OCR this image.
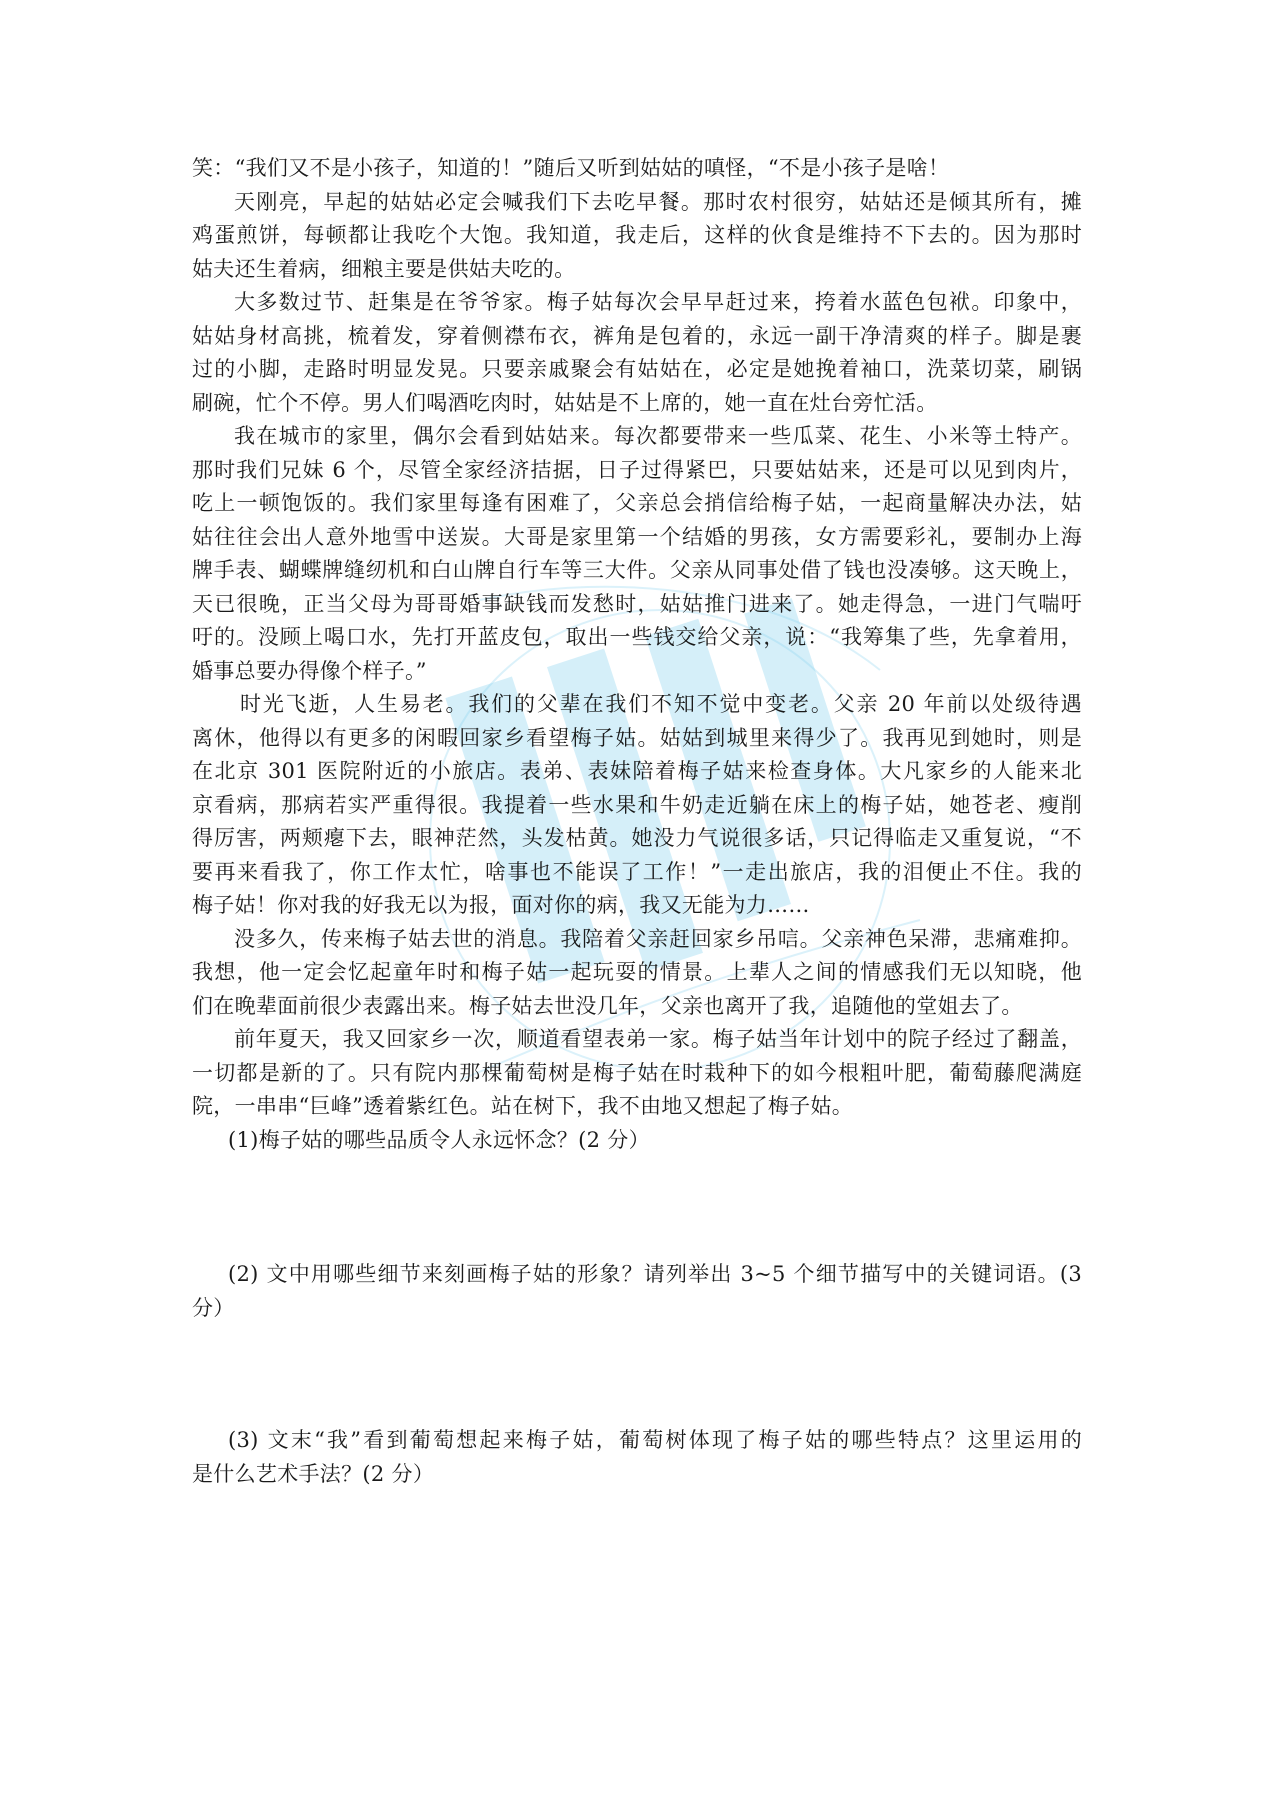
笑：“我们又不是小孩子，知道的！”随后又听到姑姑的嗔怪，“不是小孩子是啥！
天刚亮，早起的姑姑必定会喊我们下去吃早餐。那时农村很穷，姑姑还是倾其所有，摊
鸡蛋煎饼，每顿都让我吃个大饱。我知道，我走后，这样的伙食是维持不下去的。因为那时
姑夫还生着病，细粮主要是供姑夫吃的。
大多数过节、赶集是在爷爷家。梅子姑每次会早早赶过来，挎着水蓝色包袱。印象中，
姑姑身材高挑，梳着发，穿着侧襟布衣，裤角是包着的，永远一副干净清爽的样子。脚是裹
过的小脚，走路时明显发晃。只要亲戚聚会有姑姑在，必定是她挽着袖口，洗菜切菜，刷锅
刷碗，忙个不停。男人们喝酒吃肉时，姑姑是不上席的，她一直在灶台旁忙活。
我在城市的家里，偶尔会看到姑姑来。每次都要带来一些瓜菜、花生、小米等土特产。
那时我们兄妹 6 个，尽管全家经济拮据，日子过得紧巴，只要姑姑来，还是可以见到肉片，
吃上一顿饱饭的。我们家里每逢有困难了，父亲总会捎信给梅子姑，一起商量解决办法，姑
姑往往会出人意外地雪中送炭。大哥是家里第一个结婚的男孩，女方需要彩礼，要制办上海
牌手表、蝴蝶牌缝纫机和白山牌自行车等三大件。父亲从同事处借了钱也没凑够。这天晚上，
天已很晚，正当父母为哥哥婚事缺钱而发愁时，姑姑推门进来了。她走得急，一进门气喘吁
吁的。没顾上喝口水，先打开蓝皮包，取出一些钱交给父亲，说：“我筹集了些，先拿着用，
婚事总要办得像个样子。”
时光飞逝，人生易老。我们的父辈在我们不知不觉中变老。父亲 20 年前以处级待遇
离休，他得以有更多的闲暇回家乡看望梅子姑。姑姑到城里来得少了。我再见到她时，则是
在北京 301 医院附近的小旅店。表弟、表妹陪着梅子姑来检查身体。大凡家乡的人能来北
京看病，那病若实严重得很。我提着一些水果和牛奶走近躺在床上的梅子姑，她苍老、瘦削
得厉害，两颊瘪下去，眼神茫然，头发枯黄。她没力气说很多话，只记得临走又重复说，“不
要再来看我了，你工作太忙，啥事也不能误了工作！”一走出旅店，我的泪便止不住。我的
梅子姑！你对我的好我无以为报，面对你的病，我又无能为力……
没多久，传来梅子姑去世的消息。我陪着父亲赶回家乡吊唁。父亲神色呆滞，悲痛难抑。
我想，他一定会忆起童年时和梅子姑一起玩耍的情景。上辈人之间的情感我们无以知晓，他
们在晚辈面前很少表露出来。梅子姑去世没几年，父亲也离开了我，追随他的堂姐去了。
前年夏天，我又回家乡一次，顺道看望表弟一家。梅子姑当年计划中的院子经过了翻盖，
一切都是新的了。只有院内那棵葡萄树是梅子姑在时栽种下的如今根粗叶肥，葡萄藤爬满庭
院，一串串“巨峰”透着紫红色。站在树下，我不由地又想起了梅子姑。
(1)梅子姑的哪些品质令人永远怀念？(2 分）
(2) 文中用哪些细节来刻画梅子姑的形象？请列举出 3~5 个细节描写中的关键词语。(3
分）
(3) 文末“我”看到葡萄想起来梅子姑，葡萄树体现了梅子姑的哪些特点？这里运用的
是什么艺术手法？(2 分）
